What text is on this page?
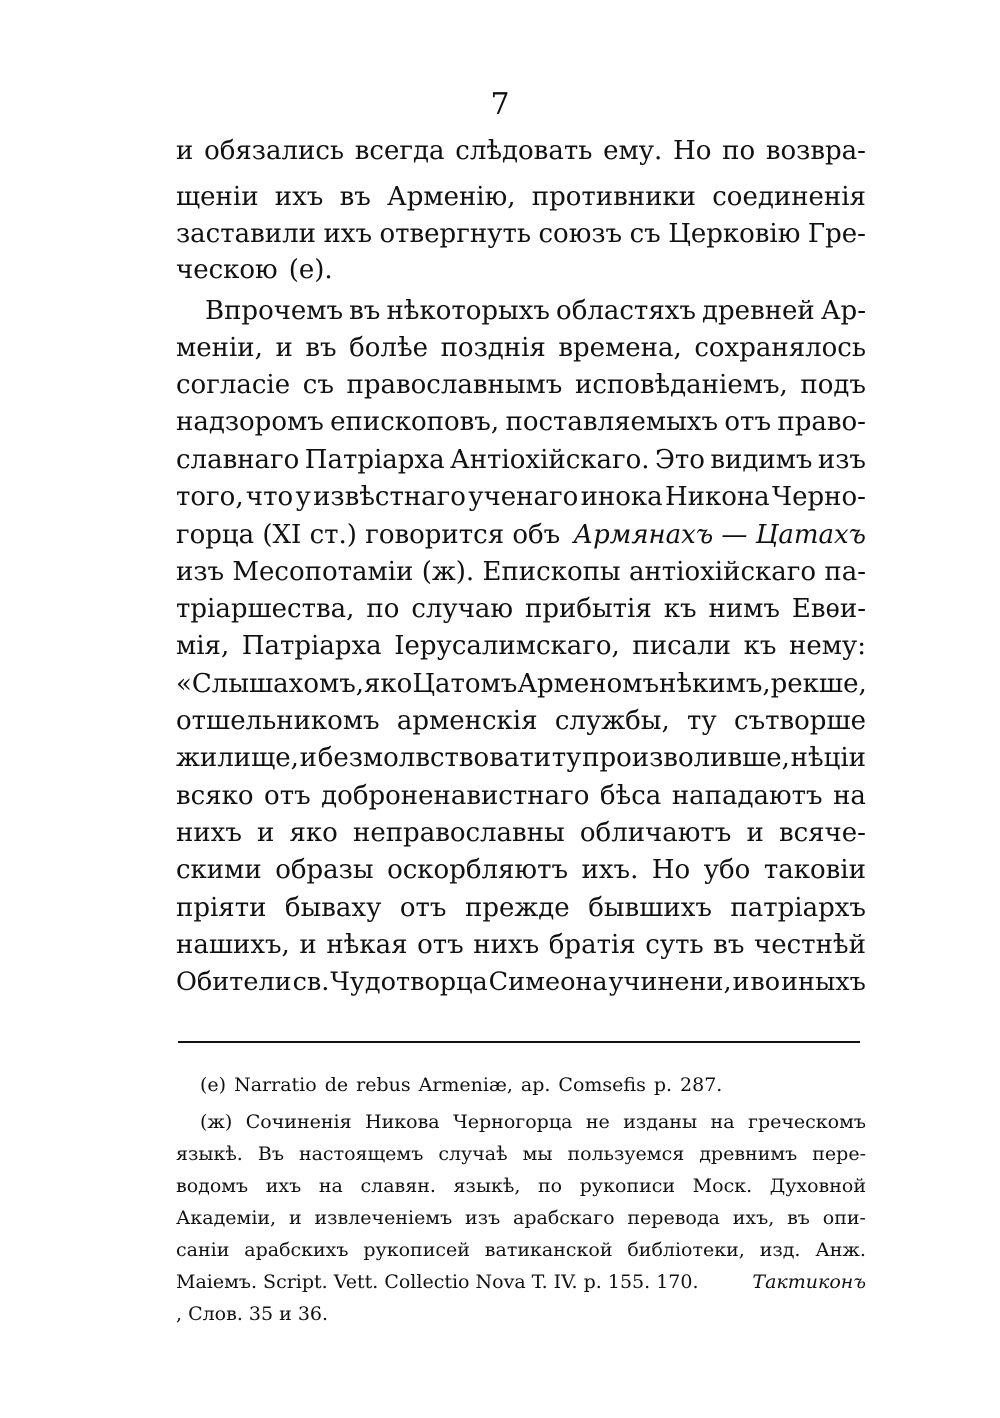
7
и обязались всегда слѣдовать ему. Но по возвра-
щеніи ихъ въ Арменію, противники соединенія
заставили ихъ отвергнуть союзъ съ Церковію Гре-
ческою (е).
Впрочемъ въ нѣкоторыхъ областяхъ древней Ар-
меніи, и въ болѣе позднія времена, сохранялось
согласіе съ православнымъ исповѣданіемъ, подъ
надзоромъ епископовъ, поставляемыхъ отъ право-
славнаго Патріарха Антіохійскаго. Это видимъ изъ
того, что у извѣстнаго ученаго инока Никона Черно-
горца (XI ст.) говорится объ Армянахъ — Цатахъ
изъ Месопотаміи (ж). Епископы антіохійскаго па-
тріаршества, по случаю прибытія къ нимъ Евѳи-
мія, Патріарха Іерусалимскаго, писали къ нему:
«Слышахомъ, яко Цатомъ Арменомъ нѣкимъ, рекше,
отшельникомъ арменскія службы, ту сътворше
жилище, и безмолвствовати ту произволивше, нѣціи
всяко отъ доброненавистнаго бѣса нападаютъ на
нихъ и яко неправославны обличаютъ и всяче-
скими образы оскорбляютъ ихъ. Но убо таковіи
пріяти бываху отъ прежде бывшихъ патріархъ
нашихъ, и нѣкая отъ нихъ братія суть въ честнѣй
Обители св. Чудотворца Симеона учинени, и во иныхъ
(е) Narratio de rebus Armeniæ, ap. Comsefis p. 287.
(ж) Сочиненія Никова Черногорца не изданы на греческомъ
языкѣ. Въ настоящемъ случаѣ мы пользуемся древнимъ пере-
водомъ ихъ на славян. языкѣ, по рукописи Моск. Духовной
Академіи, и извлеченіемъ изъ арабскаго перевода ихъ, въ опи-
саніи арабскихъ рукописей ватиканской библіотеки, изд. Анж.
Маіемъ. Script. Vett. Collectio Nova T. IV. p. 155. 170.	Тактиконъ
, Слов. 35 и 36.
